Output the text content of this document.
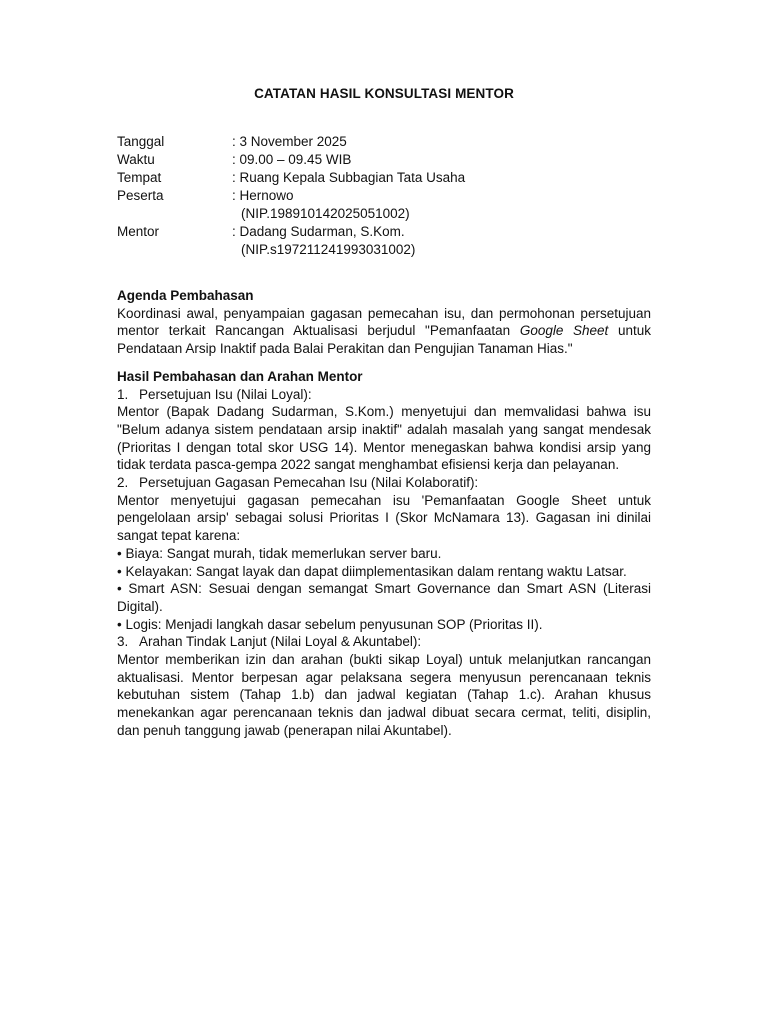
CATATAN HASIL KONSULTASI MENTOR
Tanggal	: 3 November 2025
Waktu	: 09.00 – 09.45 WIB
Tempat	: Ruang Kepala Subbagian Tata Usaha
Peserta	: Hernowo
(NIP.198910142025051002)
Mentor	: Dadang Sudarman, S.Kom.
(NIP.s197211241993031002)

Agenda Pembahasan

Koordinasi awal, penyampaian gagasan pemecahan isu, dan permohonan persetujuan mentor terkait Rancangan Aktualisasi berjudul "Pemanfaatan Google Sheet untuk Pendataan Arsip Inaktif pada Balai Perakitan dan Pengujian Tanaman Hias."

Hasil Pembahasan dan Arahan Mentor

1. Persetujuan Isu (Nilai Loyal):

Mentor (Bapak Dadang Sudarman, S.Kom.) menyetujui dan memvalidasi bahwa isu "Belum adanya sistem pendataan arsip inaktif" adalah masalah yang sangat mendesak (Prioritas I dengan total skor USG 14). Mentor menegaskan bahwa kondisi arsip yang tidak terdata pasca-gempa 2022 sangat menghambat efisiensi kerja dan pelayanan.

2. Persetujuan Gagasan Pemecahan Isu (Nilai Kolaboratif):

Mentor menyetujui gagasan pemecahan isu 'Pemanfaatan Google Sheet untuk pengelolaan arsip' sebagai solusi Prioritas I (Skor McNamara 13). Gagasan ini dinilai sangat tepat karena:

• Biaya: Sangat murah, tidak memerlukan server baru.

• Kelayakan: Sangat layak dan dapat diimplementasikan dalam rentang waktu Latsar.

• Smart ASN: Sesuai dengan semangat Smart Governance dan Smart ASN (Literasi Digital).

• Logis: Menjadi langkah dasar sebelum penyusunan SOP (Prioritas II).

3. Arahan Tindak Lanjut (Nilai Loyal & Akuntabel):

Mentor memberikan izin dan arahan (bukti sikap Loyal) untuk melanjutkan rancangan aktualisasi. Mentor berpesan agar pelaksana segera menyusun perencanaan teknis kebutuhan sistem (Tahap 1.b) dan jadwal kegiatan (Tahap 1.c). Arahan khusus menekankan agar perencanaan teknis dan jadwal dibuat secara cermat, teliti, disiplin, dan penuh tanggung jawab (penerapan nilai Akuntabel).
